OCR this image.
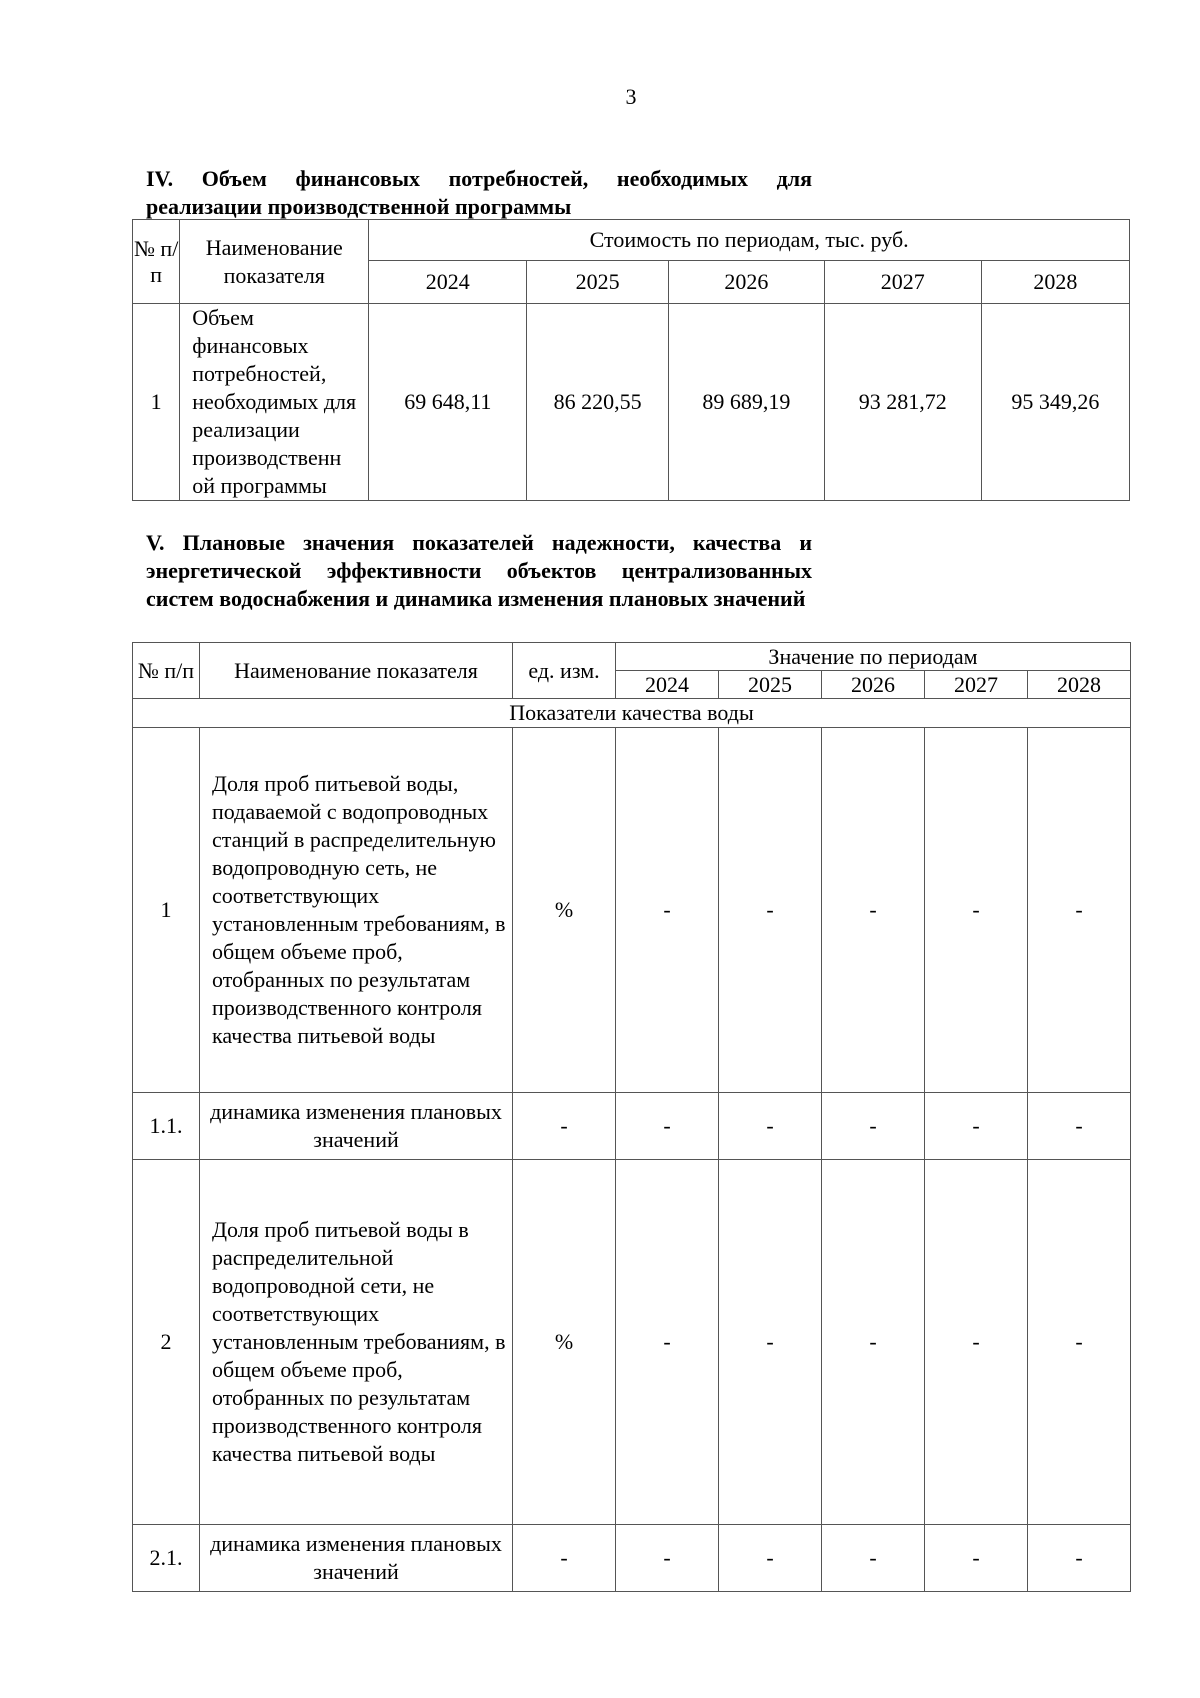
3
IV. Объем финансовых потребностей, необходимых для реализации производственной программы
№ п/ п	Наименование показателя	Стоимость по периодам, тыс. руб.				
		2024	2025	2026	2027	2028
1	Объем финансовых потребностей, необходимых для реализации производственн ой программы	69 648,11	86 220,55	89 689,19	93 281,72	95 349,26
V. Плановые значения показателей надежности, качества и энергетической эффективности объектов централизованных систем водоснабжения и динамика изменения плановых значений
№ п/п	Наименование показателя	ед. изм.	Значение по периодам				
			2024	2025	2026	2027	2028
Показатели качества воды							
1	Доля проб питьевой воды, подаваемой с водопроводных станций в распределительную водопроводную сеть, не соответствующих установленным требованиям, в общем объеме проб, отобранных по результатам производственного контроля качества питьевой воды	%	-	-	-	-	-
1.1.	динамика изменения плановых значений	-	-	-	-	-	-
2	Доля проб питьевой воды в распределительной водопроводной сети, не соответствующих установленным требованиям, в общем объеме проб, отобранных по результатам производственного контроля качества питьевой воды	%	-	-	-	-	-
2.1.	динамика изменения плановых значений	-	-	-	-	-	-
